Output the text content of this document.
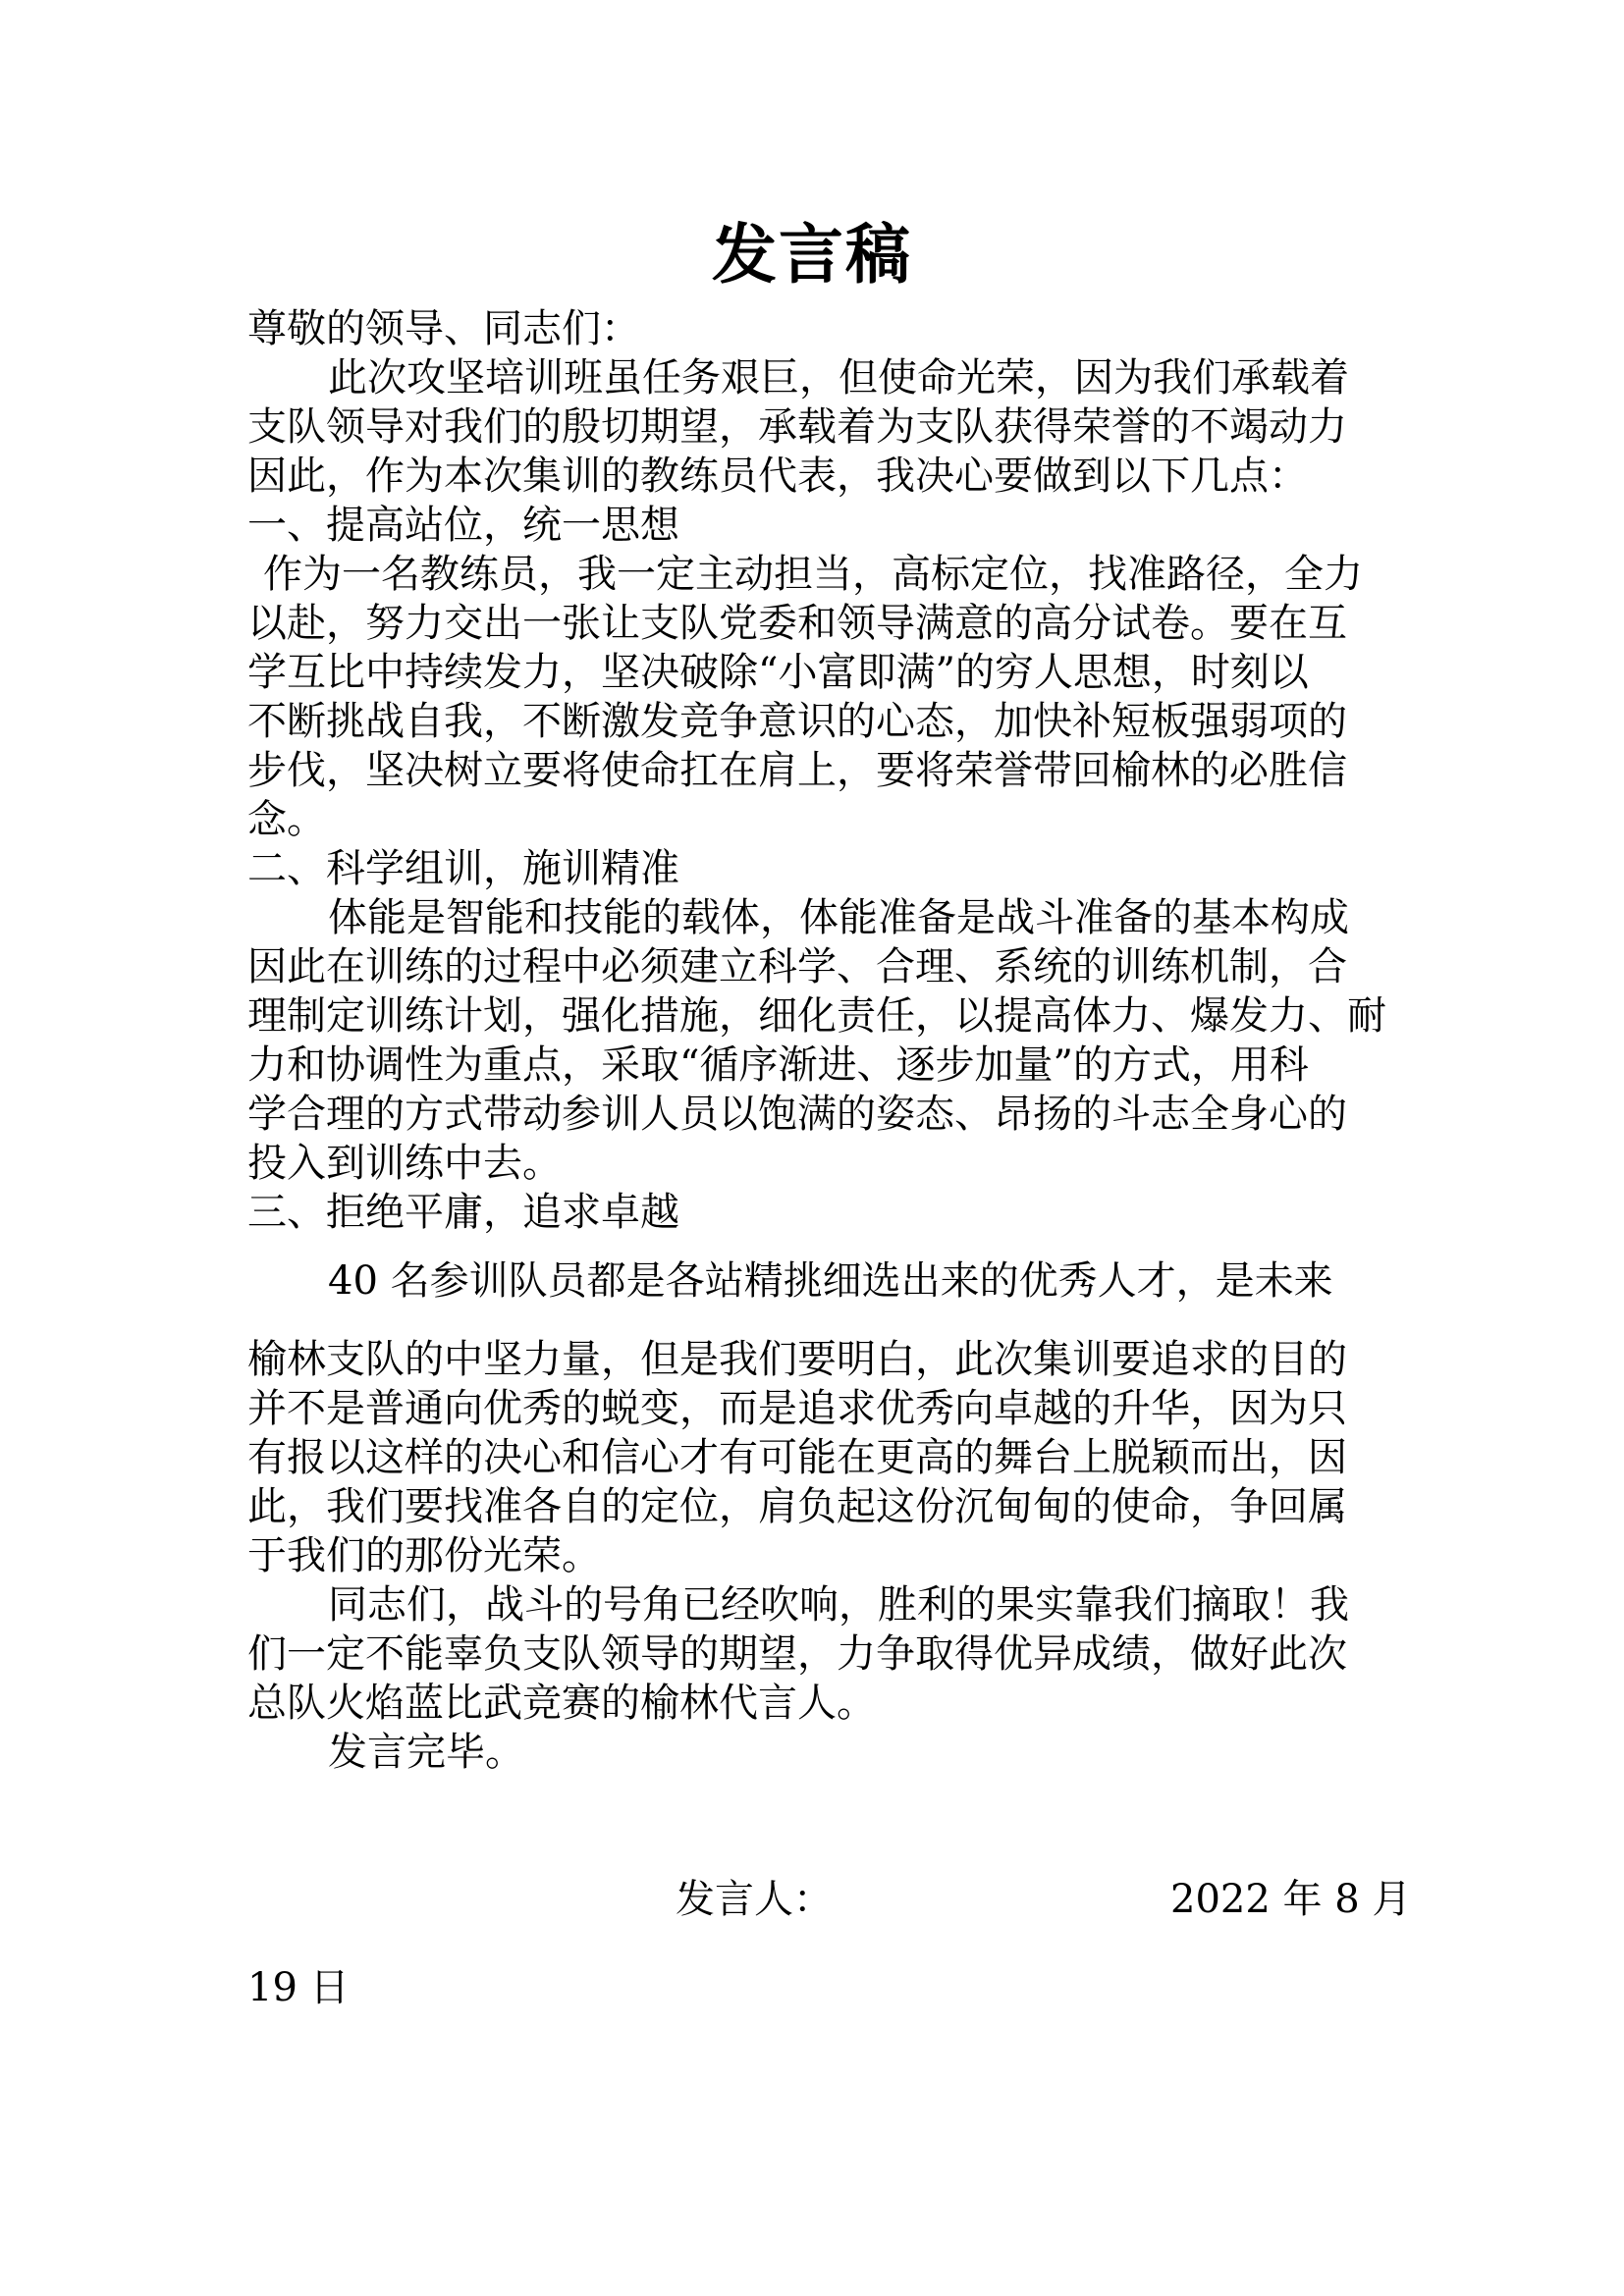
发言稿
尊敬的领导、同志们：
此次攻坚培训班虽任务艰巨，但使命光荣，因为我们承载着
支队领导对我们的殷切期望，承载着为支队获得荣誉的不竭动力
因此，作为本次集训的教练员代表，我决心要做到以下几点：
一、提高站位，统一思想
作为一名教练员，我一定主动担当，高标定位，找准路径，全力
以赴，努力交出一张让支队党委和领导满意的高分试卷。要在互
学互比中持续发力，坚决破除“小富即满”的穷人思想，时刻以
不断挑战自我，不断激发竞争意识的心态，加快补短板强弱项的
步伐，坚决树立要将使命扛在肩上，要将荣誉带回榆林的必胜信
念。
二、科学组训，施训精准
体能是智能和技能的载体，体能准备是战斗准备的基本构成
因此在训练的过程中必须建立科学、合理、系统的训练机制，合
理制定训练计划，强化措施，细化责任，以提高体力、爆发力、耐
力和协调性为重点，采取“循序渐进、逐步加量”的方式，用科
学合理的方式带动参训人员以饱满的姿态、昂扬的斗志全身心的
投入到训练中去。
三、拒绝平庸，追求卓越
40 名参训队员都是各站精挑细选出来的优秀人才，是未来
榆林支队的中坚力量，但是我们要明白，此次集训要追求的目的
并不是普通向优秀的蜕变，而是追求优秀向卓越的升华，因为只
有报以这样的决心和信心才有可能在更高的舞台上脱颖而出，因
此，我们要找准各自的定位，肩负起这份沉甸甸的使命，争回属
于我们的那份光荣。
同志们，战斗的号角已经吹响，胜利的果实靠我们摘取！我
们一定不能辜负支队领导的期望，力争取得优异成绩，做好此次
总队火焰蓝比武竞赛的榆林代言人。
发言完毕。
发言人：	2022 年 8 月
19 日
